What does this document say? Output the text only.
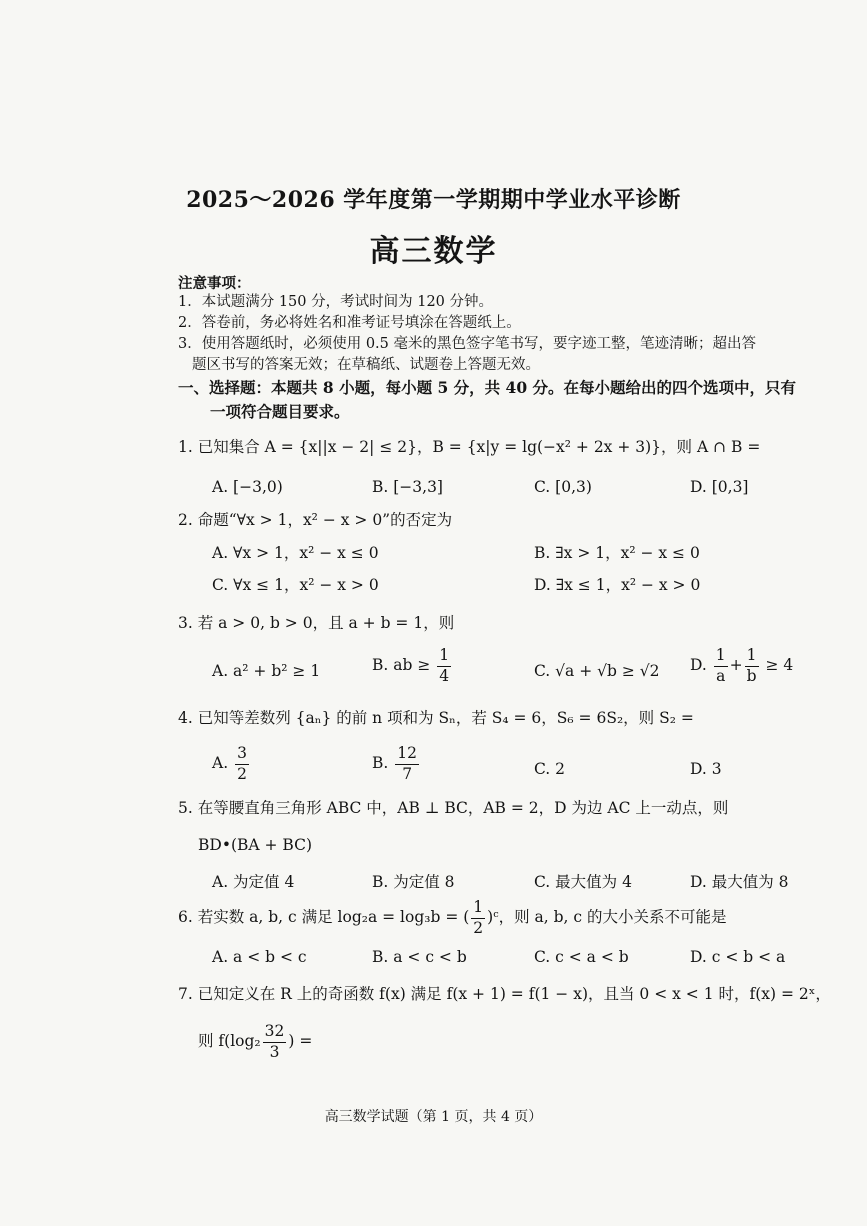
2025～2026 学年度第一学期期中学业水平诊断
高三数学
注意事项：
1．本试题满分 150 分，考试时间为 120 分钟。
2．答卷前，务必将姓名和准考证号填涂在答题纸上。
3．使用答题纸时，必须使用 0.5 毫米的黑色签字笔书写，要字迹工整，笔迹清晰；超出答
题区书写的答案无效；在草稿纸、试题卷上答题无效。
一、选择题：本题共 8 小题，每小题 5 分，共 40 分。在每小题给出的四个选项中，只有
一项符合题目要求。
1. 已知集合 A = {x||x − 2| ≤ 2}，B = {x|y = lg(−x² + 2x + 3)}，则 A ∩ B =
A. [−3,0)	B. [−3,3]	C. [0,3)	D. [0,3]
2. 命题“∀x > 1，x² − x > 0”的否定为
A. ∀x > 1，x² − x ≤ 0	B. ∃x > 1，x² − x ≤ 0
C. ∀x ≤ 1，x² − x > 0	D. ∃x ≤ 1，x² − x > 0
3. 若 a > 0, b > 0，且 a + b = 1，则
A. a² + b² ≥ 1	B. ab ≥ $\frac{1}{4}$	C. √a + √b ≥ √2 D. $\frac{1}{a} + \frac{1}{b} \ge 4$
4. 已知等差数列 {aₙ} 的前 n 项和为 Sₙ，若 S₄ = 6，S₆ = 6S₂，则 S₂ =
A. $\frac{3}{2}$	B. $\frac{12}{7}$	C. 2	D. 3
5. 在等腰直角三角形 ABC 中，AB ⊥ BC，AB = 2，D 为边 AC 上一动点，则
BD•(BA + BC)
A. 为定值 4	B. 为定值 8	C. 最大值为 4	D. 最大值为 8
6. 若实数 a, b, c 满足 log₂a = log₃b = ( $\frac{1}{2}$ )ᶜ，则 a, b, c 的大小关系不可能是
A. a < b < c	B. a < c < b	C. c < a < b	D. c < b < a
7. 已知定义在 R 上的奇函数 f(x) 满足 f(x + 1) = f(1 − x)，且当 0 < x < 1 时，f(x) = 2ˣ，
则 $f(\log_2 \frac{32}{3}$ ) =
高三数学试题（第 1 页，共 4 页）
